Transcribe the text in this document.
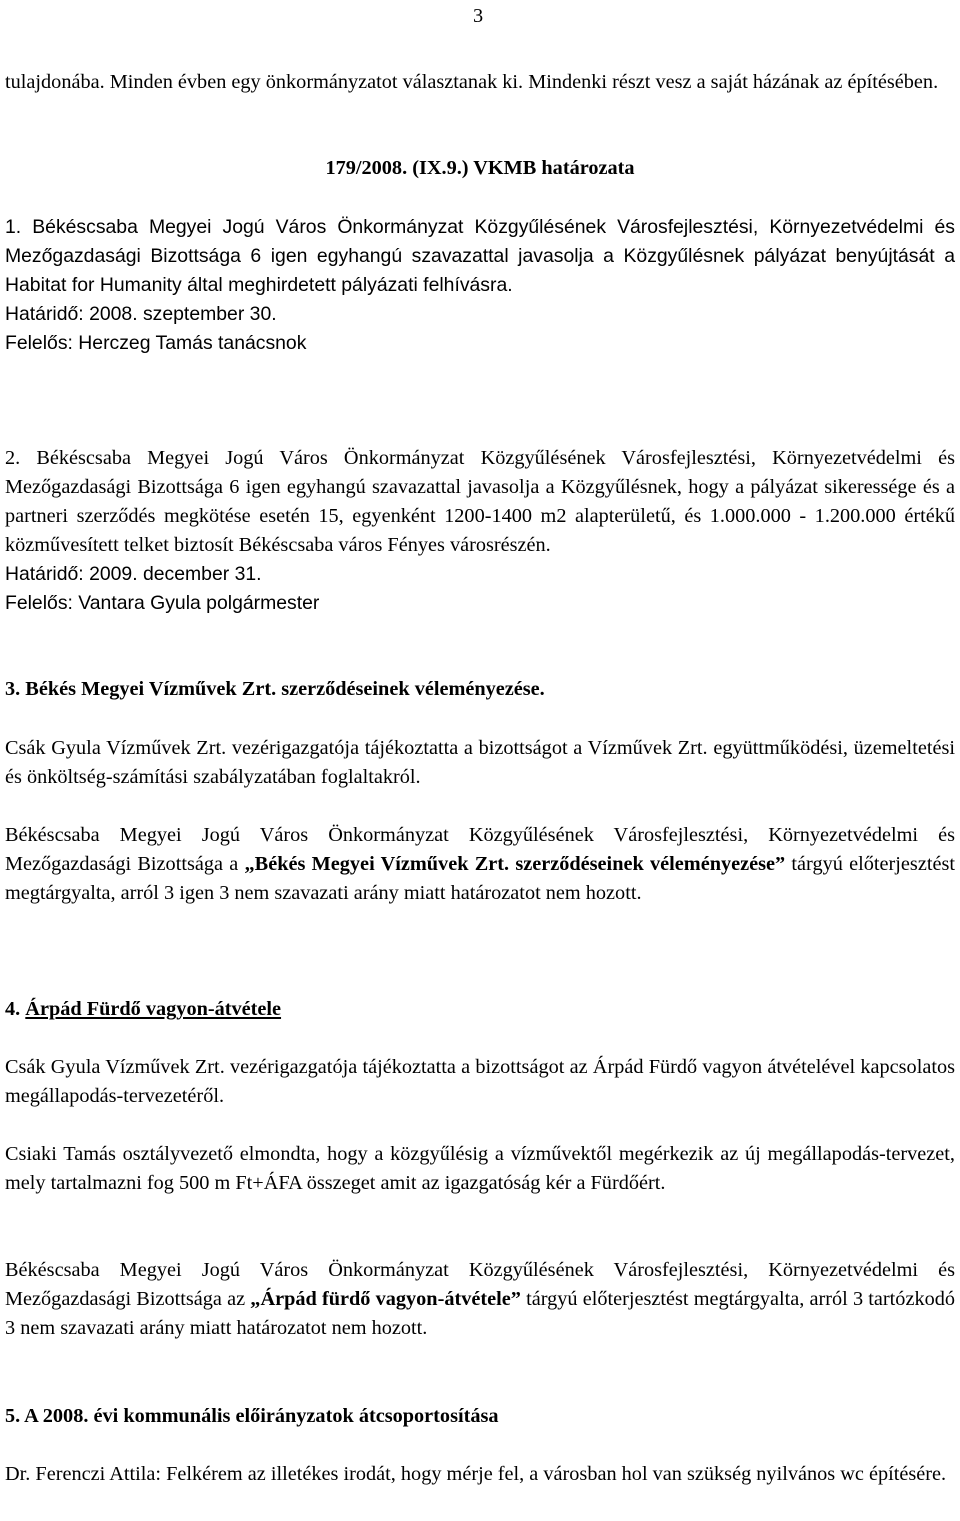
3

tulajdonába. Minden évben egy önkormányzatot választanak ki. Mindenki részt vesz a saját házának az építésében.

179/2008. (IX.9.) VKMB határozata

1. Békéscsaba Megyei Jogú Város Önkormányzat Közgyűlésének Városfejlesztési, Környezetvédelmi és Mezőgazdasági Bizottsága 6 igen egyhangú szavazattal javasolja a Közgyűlésnek pályázat benyújtását a Habitat for Humanity által meghirdetett pályázati felhívásra.
Határidő: 2008. szeptember 30.
Felelős: Herczeg Tamás tanácsnok
2. Békéscsaba Megyei Jogú Város Önkormányzat Közgyűlésének Városfejlesztési, Környezetvédelmi és Mezőgazdasági Bizottsága 6 igen egyhangú szavazattal javasolja a Közgyűlésnek, hogy a pályázat sikeressége és a partneri szerződés megkötése esetén 15, egyenként 1200-1400 m2 alapterületű, és 1.000.000 - 1.200.000 értékű közművesített telket biztosít Békéscsaba város Fényes városrészén.
Határidő: 2009. december 31.
Felelős: Vantara Gyula polgármester

3. Békés Megyei Vízművek Zrt. szerződéseinek véleményezése.

Csák Gyula Vízművek Zrt. vezérigazgatója tájékoztatta a bizottságot a Vízművek Zrt. együttműködési, üzemeltetési és önköltség-számítási szabályzatában foglaltakról.

Békéscsaba Megyei Jogú Város Önkormányzat Közgyűlésének Városfejlesztési, Környezetvédelmi és Mezőgazdasági Bizottsága a „Békés Megyei Vízművek Zrt. szerződéseinek véleményezése” tárgyú előterjesztést megtárgyalta, arról 3 igen 3 nem szavazati arány miatt határozatot nem hozott.

4. Árpád Fürdő vagyon-átvétele

Csák Gyula Vízművek Zrt. vezérigazgatója tájékoztatta a bizottságot az Árpád Fürdő vagyon átvételével kapcsolatos megállapodás-tervezetéről.

Csiaki Tamás osztályvezető elmondta, hogy a közgyűlésig a vízművektől megérkezik az új megállapodás-tervezet, mely tartalmazni fog 500 m Ft+ÁFA összeget amit az igazgatóság kér a Fürdőért.

Békéscsaba Megyei Jogú Város Önkormányzat Közgyűlésének Városfejlesztési, Környezetvédelmi és Mezőgazdasági Bizottsága az „Árpád fürdő vagyon-átvétele” tárgyú előterjesztést megtárgyalta, arról 3 tartózkodó 3 nem szavazati arány miatt határozatot nem hozott.

5. A 2008. évi kommunális előirányzatok átcsoportosítása

Dr. Ferenczi Attila: Felkérem az illetékes irodát, hogy mérje fel, a városban hol van szükség nyilvános wc építésére.
